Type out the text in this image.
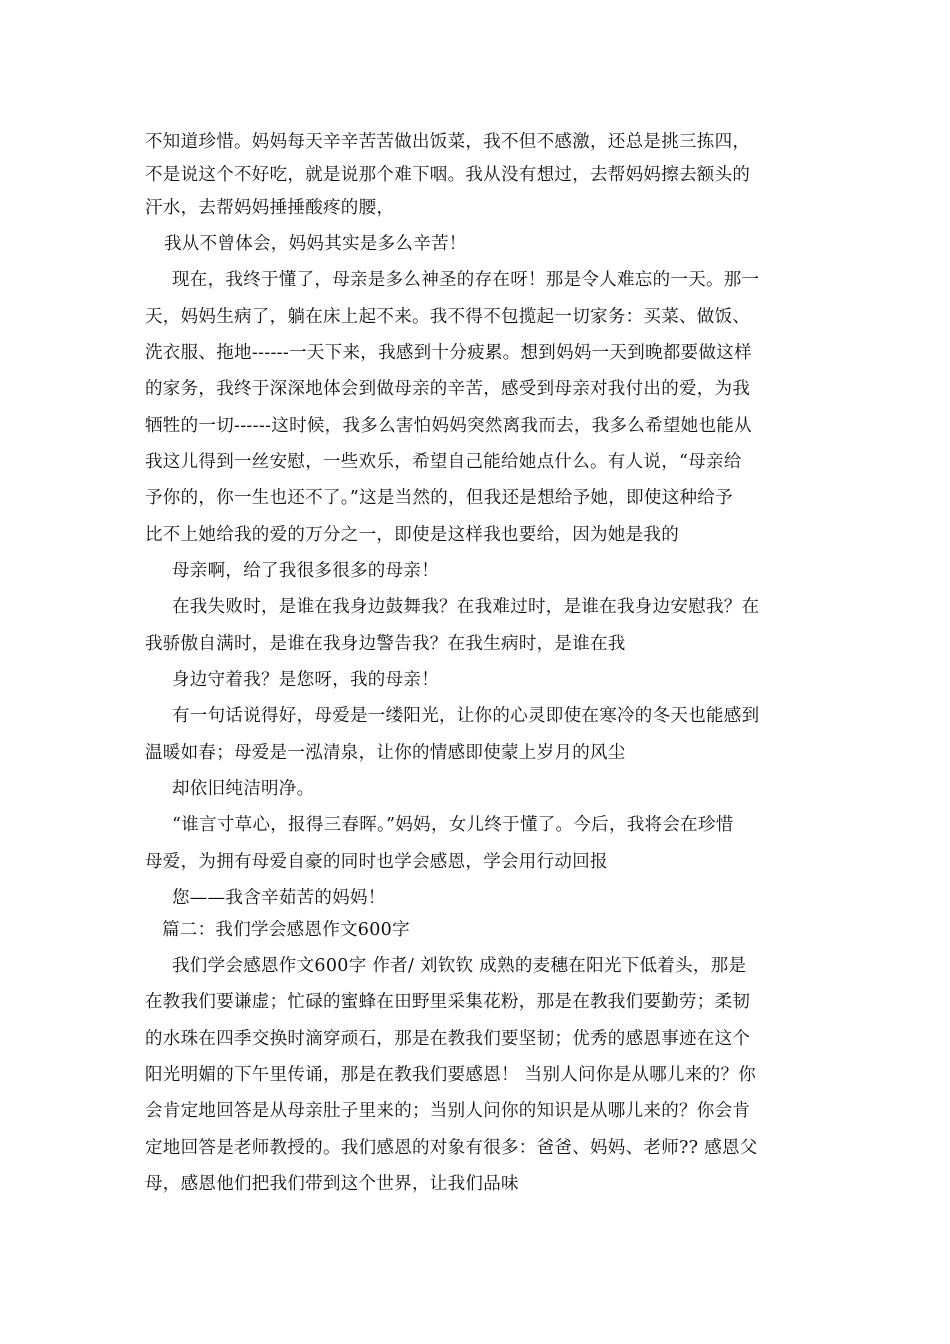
不知道珍惜。妈妈每天辛辛苦苦做出饭菜，我不但不感激，还总是挑三拣四，

不是说这个不好吃，就是说那个难下咽。我从没有想过，去帮妈妈擦去额头的

汗水，去帮妈妈捶捶酸疼的腰，

我从不曾体会，妈妈其实是多么辛苦！

现在，我终于懂了，母亲是多么神圣的存在呀！那是令人难忘的一天。那一

天，妈妈生病了，躺在床上起不来。我不得不包揽起一切家务：买菜、做饭、

洗衣服、拖地------一天下来，我感到十分疲累。想到妈妈一天到晚都要做这样

的家务，我终于深深地体会到做母亲的辛苦，感受到母亲对我付出的爱，为我

牺牲的一切------这时候，我多么害怕妈妈突然离我而去，我多么希望她也能从

我这儿得到一丝安慰，一些欢乐，希望自己能给她点什么。有人说，“母亲给

予你的，你一生也还不了。”这是当然的，但我还是想给予她，即使这种给予

比不上她给我的爱的万分之一，即使是这样我也要给，因为她是我的

母亲啊，给了我很多很多的母亲！

在我失败时，是谁在我身边鼓舞我？在我难过时，是谁在我身边安慰我？在

我骄傲自满时，是谁在我身边警告我？在我生病时，是谁在我

身边守着我？是您呀，我的母亲！

有一句话说得好，母爱是一缕阳光，让你的心灵即使在寒冷的冬天也能感到

温暖如春；母爱是一泓清泉，让你的情感即使蒙上岁月的风尘

却依旧纯洁明净。

“谁言寸草心，报得三春晖。”妈妈，女儿终于懂了。今后，我将会在珍惜

母爱，为拥有母爱自豪的同时也学会感恩，学会用行动回报

您——我含辛茹苦的妈妈！

篇二：我们学会感恩作文600字

我们学会感恩作文600字 作者/ 刘钦钦 成熟的麦穗在阳光下低着头，那是

在教我们要谦虚；忙碌的蜜蜂在田野里采集花粉，那是在教我们要勤劳；柔韧

的水珠在四季交换时滴穿顽石，那是在教我们要坚韧；优秀的感恩事迹在这个

阳光明媚的下午里传诵，那是在教我们要感恩！ 当别人问你是从哪儿来的？你

会肯定地回答是从母亲肚子里来的；当别人问你的知识是从哪儿来的？你会肯

定地回答是老师教授的。我们感恩的对象有很多：爸爸、妈妈、老师?? 感恩父

母，感恩他们把我们带到这个世界，让我们品味
